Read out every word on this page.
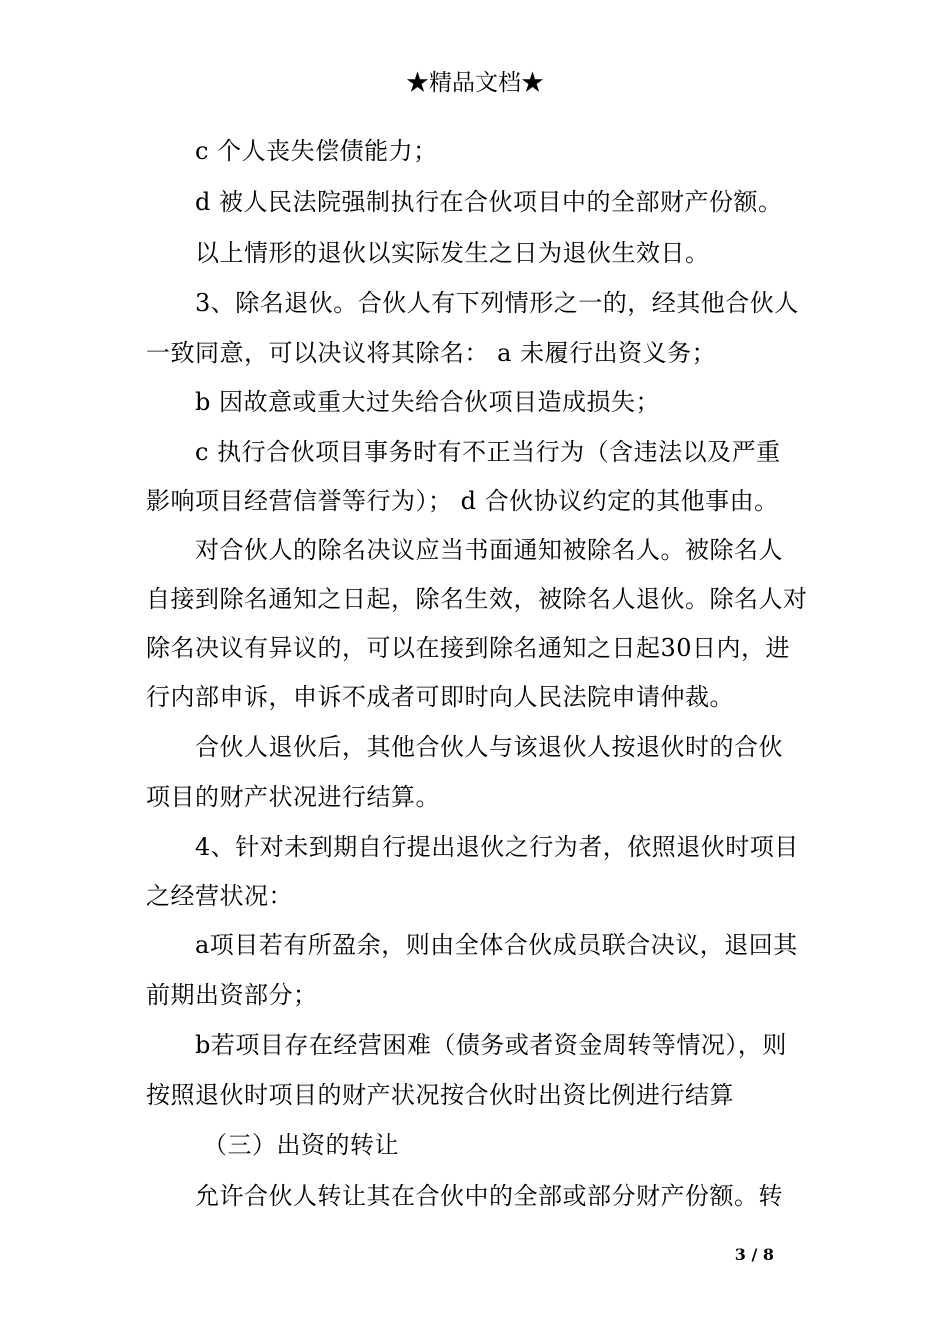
★精品文档★
c 个人丧失偿债能力；
d 被人民法院强制执行在合伙项目中的全部财产份额。
以上情形的退伙以实际发生之日为退伙生效日。
3、除名退伙。合伙人有下列情形之一的，经其他合伙人
一致同意，可以决议将其除名： a 未履行出资义务；
b 因故意或重大过失给合伙项目造成损失；
c 执行合伙项目事务时有不正当行为（含违法以及严重
影响项目经营信誉等行为）； d 合伙协议约定的其他事由。
对合伙人的除名决议应当书面通知被除名人。被除名人
自接到除名通知之日起，除名生效，被除名人退伙。除名人对
除名决议有异议的，可以在接到除名通知之日起30日内，进
行内部申诉，申诉不成者可即时向人民法院申请仲裁。
合伙人退伙后，其他合伙人与该退伙人按退伙时的合伙
项目的财产状况进行结算。
4、针对未到期自行提出退伙之行为者，依照退伙时项目
之经营状况：
a项目若有所盈余，则由全体合伙成员联合决议，退回其
前期出资部分；
b若项目存在经营困难（债务或者资金周转等情况），则
按照退伙时项目的财产状况按合伙时出资比例进行结算
（三）出资的转让
允许合伙人转让其在合伙中的全部或部分财产份额。转
3 / 8
